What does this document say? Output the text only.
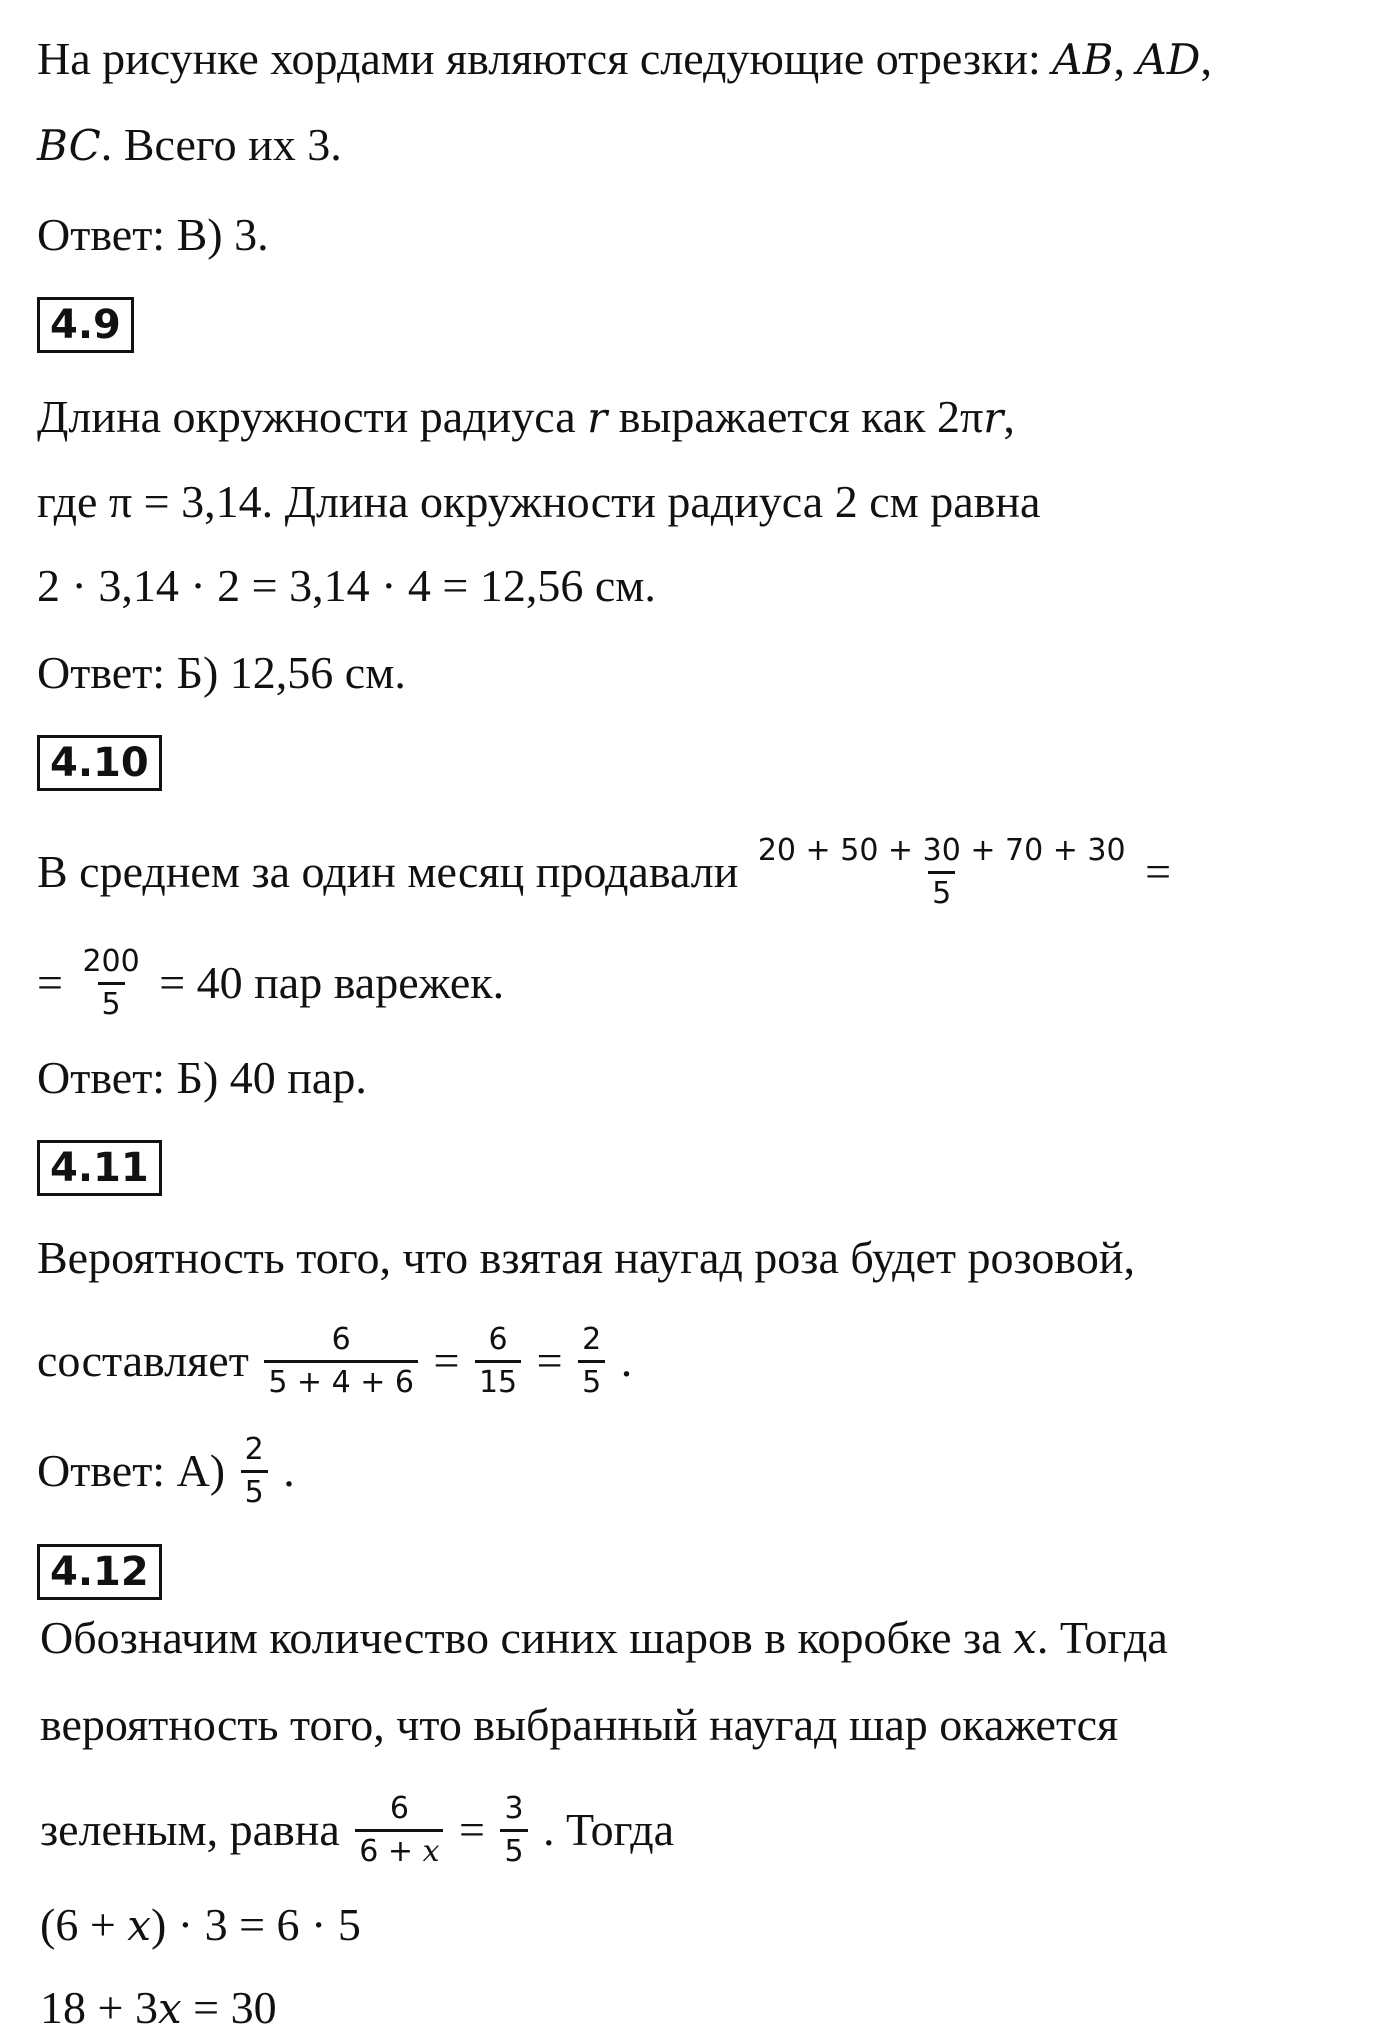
На рисунке хордами являются следующие отрезки: AB, AD,
BC. Всего их 3.
Ответ: В) 3.
4.9
Длина окружности радиуса r выражается как 2πr,
где π = 3,14. Длина окружности радиуса 2 см равна
2 · 3,14 · 2 = 3,14 · 4 = 12,56 см.
Ответ: Б) 12,56 см.
4.10
В среднем за один месяц продавали $\frac{20 + 50 + 30 + 70 + 30}{5}$ =
= $\frac{200}{5} = 40$ пар варежек.
Ответ: Б) 40 пар.
4.11
Вероятность того, что взятая наугад роза будет розовой,
составляет $\frac{6}{5 + 4 + 6} = \frac{6}{15} = \frac{2}{5}$ .
Ответ: $А) \frac{2}{5}$ .
4.12
Обозначим количество синих шаров в коробке за x. Тогда
вероятность того, что выбранный наугад шар окажется
зеленым, равна $\frac{6}{6 + x} = \frac{3}{5}$ . Тогда
(6 + x) · 3 = 6 · 5
18 + 3x = 30
